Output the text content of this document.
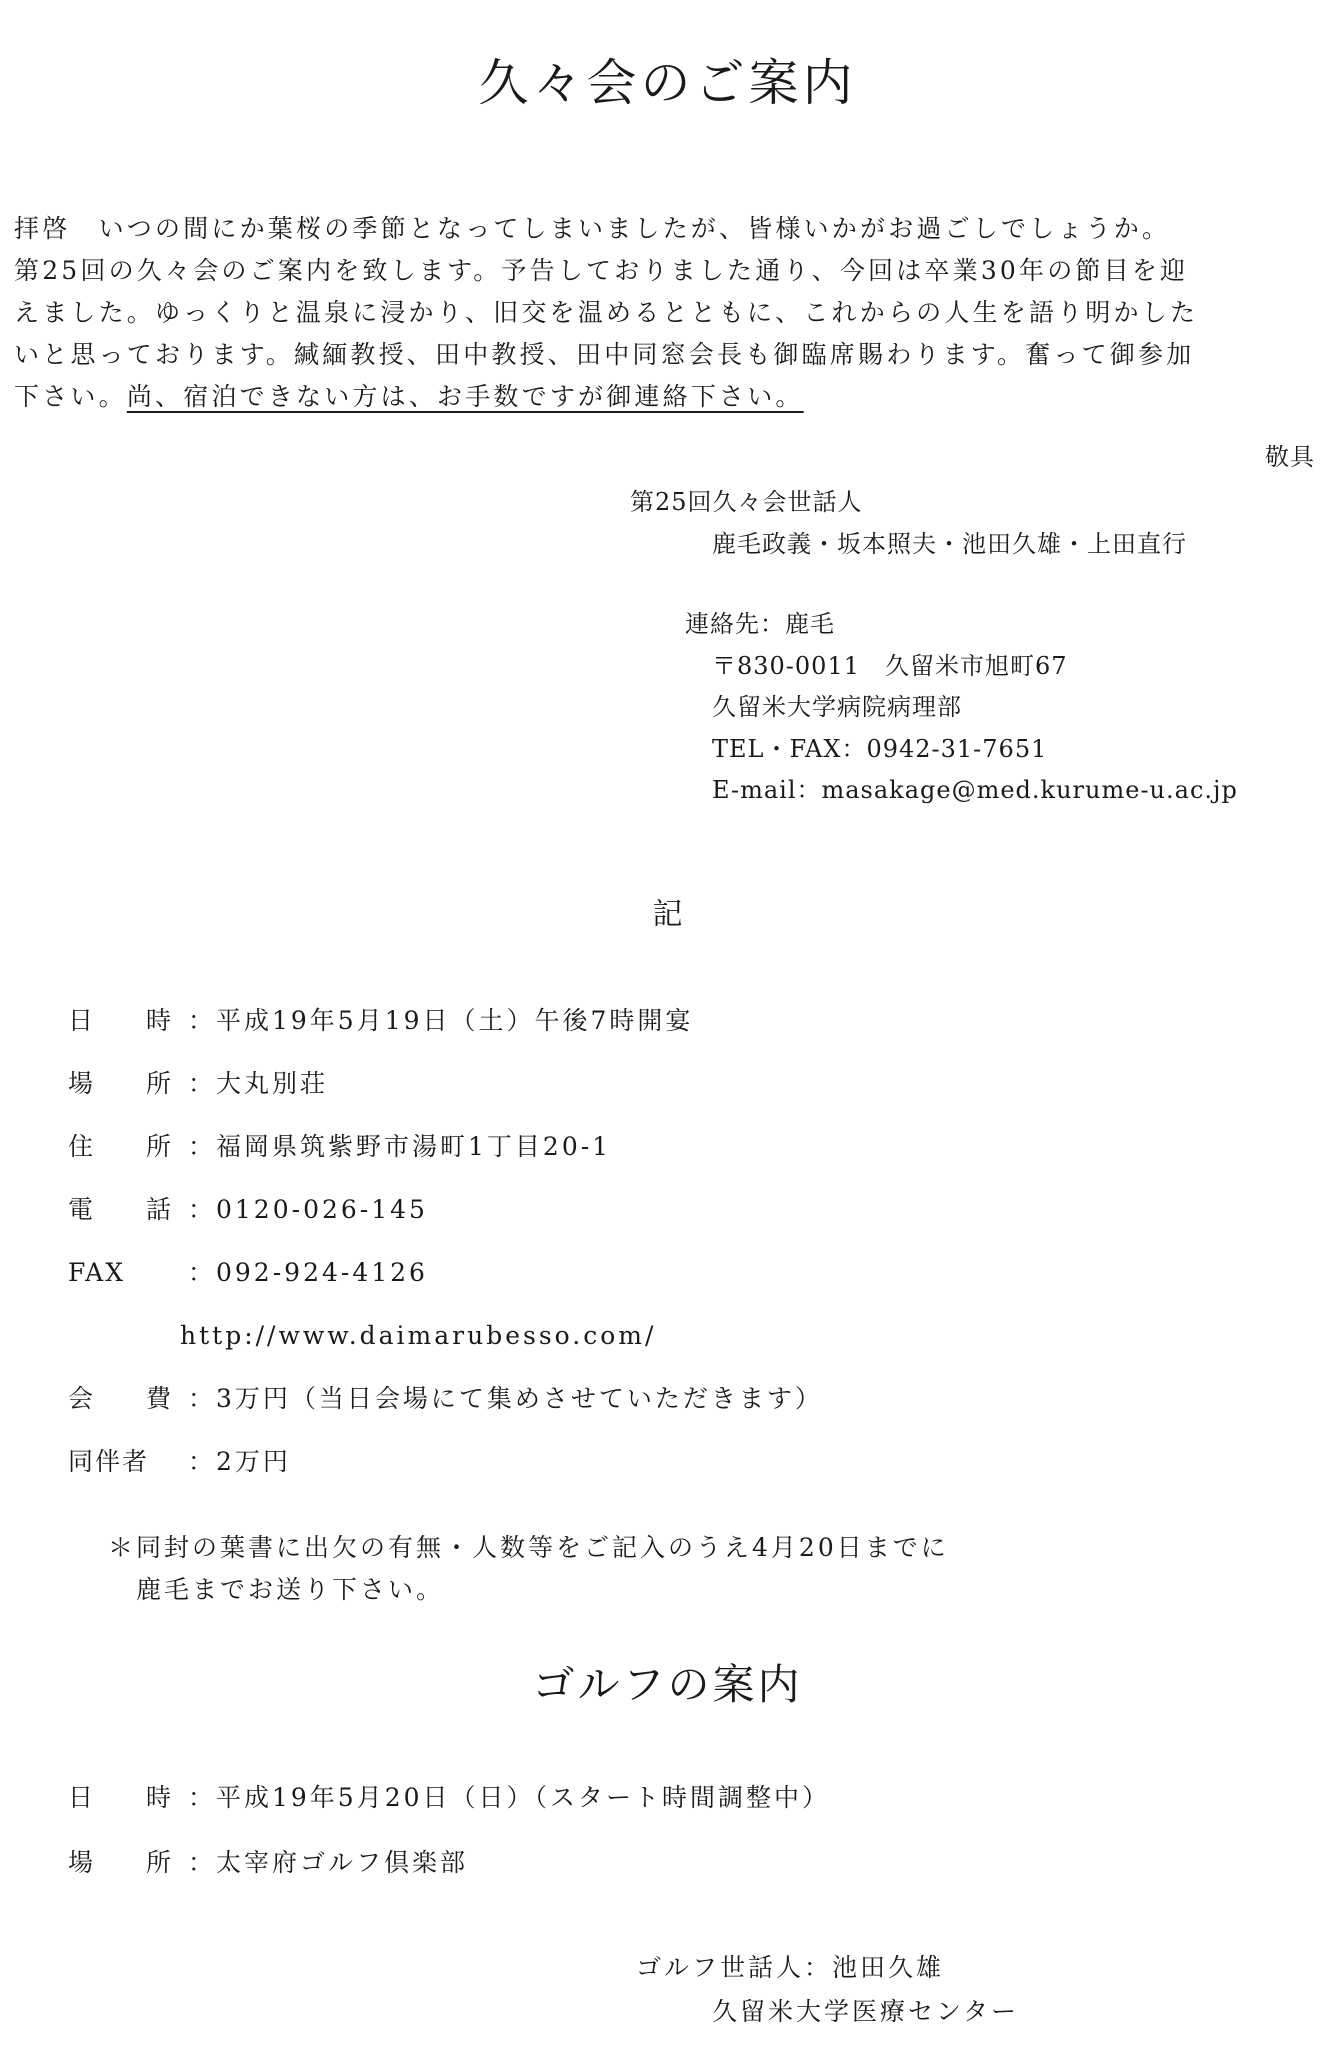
久々会のご案内
拝啓　いつの間にか葉桜の季節となってしまいましたが、皆様いかがお過ごしでしょうか。
第25回の久々会のご案内を致します。予告しておりました通り、今回は卒業30年の節目を迎
えました。ゆっくりと温泉に浸かり、旧交を温めるとともに、これからの人生を語り明かした
いと思っております。緘緬教授、田中教授、田中同窓会長も御臨席賜わります。奮って御参加
下さい。尚、宿泊できない方は、お手数ですが御連絡下さい。
敬具
第25回久々会世話人
鹿毛政義・坂本照夫・池田久雄・上田直行
連絡先：鹿毛
〒830-0011　久留米市旭町67
久留米大学病院病理部
TEL・FAX：0942-31-7651
E-mail：masakage@med.kurume-u.ac.jp
記
日　時 ：平成19年5月19日（土）午後7時開宴
場　所 ：大丸別荘
住　所 ：福岡県筑紫野市湯町1丁目20-1
電　話 ：0120-026-145
FAX	：092-924-4126
http://www.daimarubesso.com/
会　費 ：3万円（当日会場にて集めさせていただきます）
同伴者 ：2万円
＊同封の葉書に出欠の有無・人数等をご記入のうえ4月20日までに
鹿毛までお送り下さい。
ゴルフの案内
日　時 ：平成19年5月20日（日）（スタート時間調整中）
場　所 ：太宰府ゴルフ倶楽部
ゴルフ世話人：池田久雄
久留米大学医療センター
